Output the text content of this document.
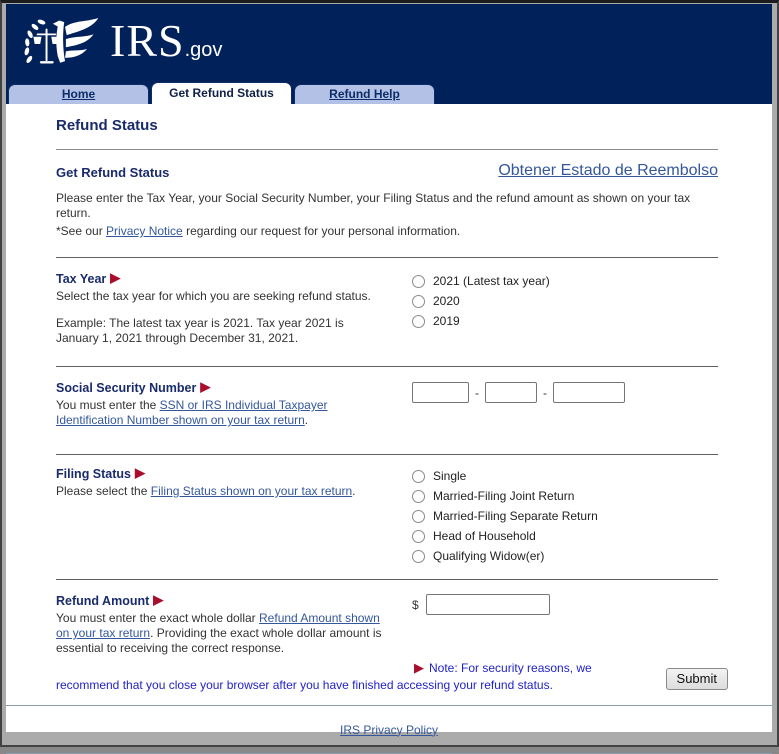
IRS .gov
Home	Get Refund Status	Refund Help
Refund Status
Get Refund Status	Obtener Estado de Reembolso

Please enter the Tax Year, your Social Security Number, your Filing Status and the refund amount as shown on your tax return.

*See our Privacy Notice regarding our request for your personal information.

Tax Year ▶
Select the tax year for which you are seeking refund status.
Example: The latest tax year is 2021. Tax year 2021 is January 1, 2021 through December 31, 2021.
2021 (Latest tax year)
2020
2019
Social Security Number ▶
You must enter the SSN or IRS Individual Taxpayer Identification Number shown on your tax return.
-	-
Filing Status ▶
Please select the Filing Status shown on your tax return.
Single
Married-Filing Joint Return
Married-Filing Separate Return
Head of Household
Qualifying Widow(er)
Refund Amount ▶
You must enter the exact whole dollar Refund Amount shown on your tax return. Providing the exact whole dollar amount is essential to receiving the correct response.
$
▶ Note: For security reasons, we
recommend that you close your browser after you have finished accessing your refund status.	Submit
IRS Privacy Policy
